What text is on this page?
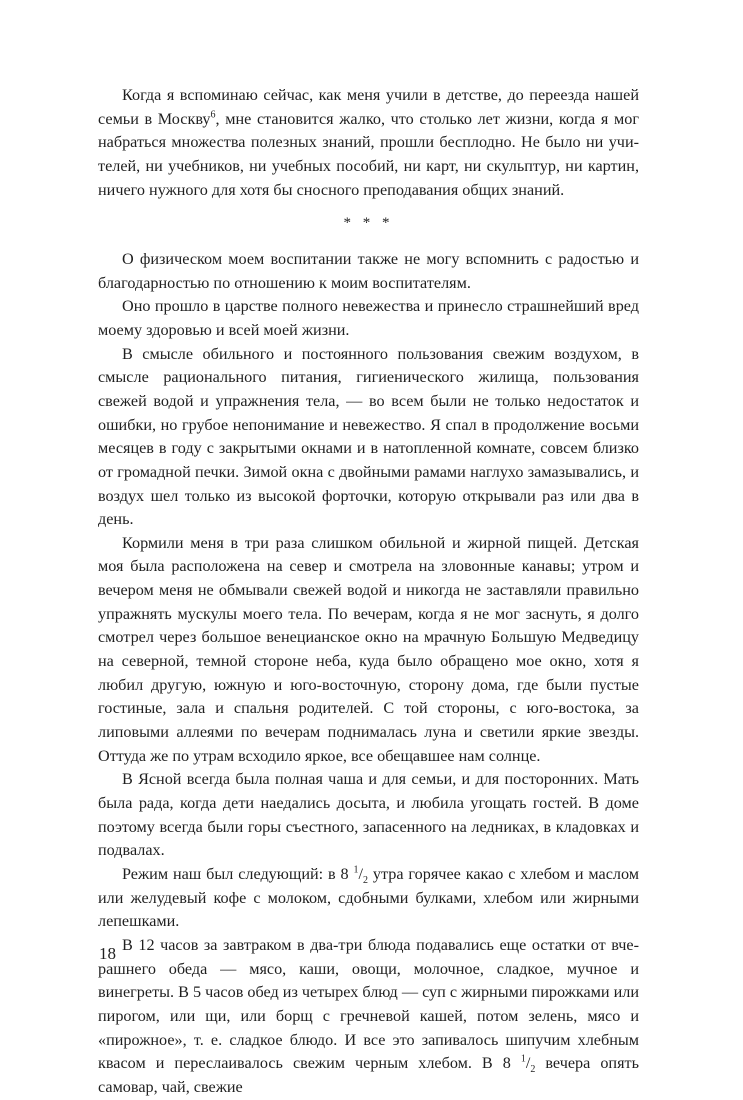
Когда я вспоминаю сейчас, как меня учили в детстве, до переезда нашей семьи в Москву$^6$, мне становится жалко, что столько лет жизни, когда я мог набраться множества полезных знаний, прошли бесплодно. Не было ни учителей, ни учебников, ни учебных пособий, ни карт, ни скульптур, ни картин, ничего нужного для хотя бы сносного преподавания общих знаний.

* * *

О физическом моем воспитании также не могу вспомнить с радостью и благодарностью по отношению к моим воспитателям.

Оно прошло в царстве полного невежества и принесло страшнейший вред моему здоровью и всей моей жизни.

В смысле обильного и постоянного пользования свежим воздухом, в смысле рационального питания, гигиенического жилища, пользования свежей водой и упражнения тела, — во всем были не только недостаток и ошибки, но грубое непонимание и невежество. Я спал в продолжение восьми месяцев в году с закрытыми окнами и в натопленной комнате, совсем близко от громадной печки. Зимой окна с двойными рамами наглухо замазывались, и воздух шел только из высокой форточки, которую открывали раз или два в день.

Кормили меня в три раза слишком обильной и жирной пищей. Детская моя была расположена на север и смотрела на зловонные канавы; утром и вечером меня не обмывали свежей водой и никогда не заставляли правильно упражнять мускулы моего тела. По вечерам, когда я не мог заснуть, я долго смотрел через большое венецианское окно на мрачную Большую Медведицу на северной, темной стороне неба, куда было обращено мое окно, хотя я любил другую, южную и юго-восточную, сторону дома, где были пустые гостиные, зала и спальня родителей. С той стороны, с юго-востока, за липовыми аллеями по вечерам поднималась луна и светили яркие звезды. Оттуда же по утрам всходило яркое, все обещавшее нам солнце.

В Ясной всегда была полная чаша и для семьи, и для посторонних. Мать была рада, когда дети наедались досыта, и любила угощать гостей. В доме поэтому всегда были горы съестного, запасенного на ледниках, в кладовках и подвалах.

Режим наш был следующий: в 8 $^1/_2$ утра горячее какао с хлебом и маслом или желудевый кофе с молоком, сдобными булками, хлебом или жирными лепешками.

В 12 часов за завтраком в два-три блюда подавались еще остатки от вчерашнего обеда — мясо, каши, овощи, молочное, сладкое, мучное и винегреты. В 5 часов обед из четырех блюд — суп с жирными пирожками или пирогом, или щи, или борщ с гречневой кашей, потом зелень, мясо и «пирожное», т. е. сладкое блюдо. И все это запивалось шипучим хлебным квасом и переслаивалось свежим черным хлебом. В 8 $^1/_2$ вечера опять самовар, чай, свежие

18
